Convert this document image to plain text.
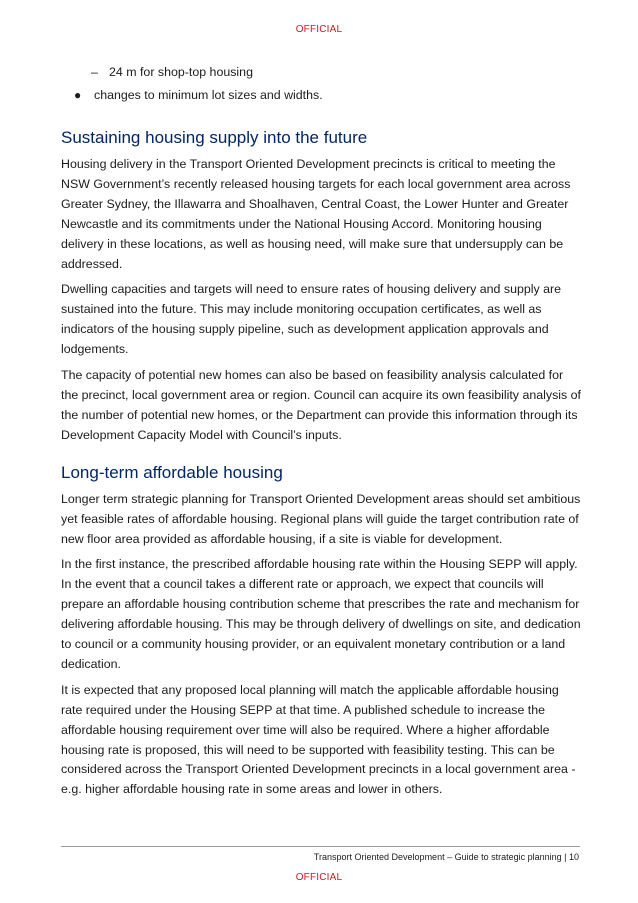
OFFICIAL
– 24 m for shop-top housing
● changes to minimum lot sizes and widths.
Sustaining housing supply into the future

Housing delivery in the Transport Oriented Development precincts is critical to meeting the NSW Government’s recently released housing targets for each local government area across Greater Sydney, the Illawarra and Shoalhaven, Central Coast, the Lower Hunter and Greater Newcastle and its commitments under the National Housing Accord. Monitoring housing delivery in these locations, as well as housing need, will make sure that undersupply can be addressed.

Dwelling capacities and targets will need to ensure rates of housing delivery and supply are sustained into the future. This may include monitoring occupation certificates, as well as indicators of the housing supply pipeline, such as development application approvals and lodgements.

The capacity of potential new homes can also be based on feasibility analysis calculated for the precinct, local government area or region. Council can acquire its own feasibility analysis of the number of potential new homes, or the Department can provide this information through its Development Capacity Model with Council’s inputs.

Long-term affordable housing

Longer term strategic planning for Transport Oriented Development areas should set ambitious yet feasible rates of affordable housing. Regional plans will guide the target contribution rate of new floor area provided as affordable housing, if a site is viable for development.

In the first instance, the prescribed affordable housing rate within the Housing SEPP will apply. In the event that a council takes a different rate or approach, we expect that councils will prepare an affordable housing contribution scheme that prescribes the rate and mechanism for delivering affordable housing. This may be through delivery of dwellings on site, and dedication to council or a community housing provider, or an equivalent monetary contribution or a land dedication.

It is expected that any proposed local planning will match the applicable affordable housing rate required under the Housing SEPP at that time. A published schedule to increase the affordable housing requirement over time will also be required. Where a higher affordable housing rate is proposed, this will need to be supported with feasibility testing. This can be considered across the Transport Oriented Development precincts in a local government area - e.g. higher affordable housing rate in some areas and lower in others.

Transport Oriented Development – Guide to strategic planning | 10
OFFICIAL
